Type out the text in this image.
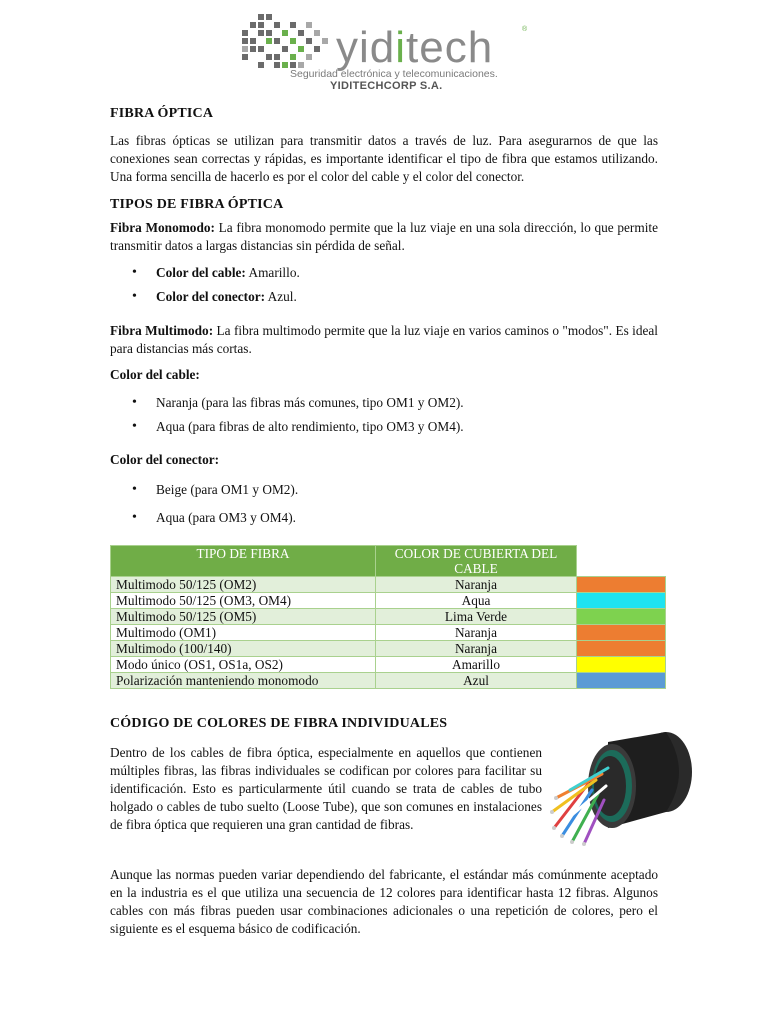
yiditech	®
Seguridad electrónica y telecomunicaciones.
YIDITECHCORP S.A.
FIBRA ÓPTICA

Las fibras ópticas se utilizan para transmitir datos a través de luz. Para asegurarnos de que las conexiones sean correctas y rápidas, es importante identificar el tipo de fibra que estamos utilizando. Una forma sencilla de hacerlo es por el color del cable y el color del conector.

TIPOS DE FIBRA ÓPTICA

Fibra Monomodo: La fibra monomodo permite que la luz viaje en una sola dirección, lo que permite transmitir datos a largas distancias sin pérdida de señal.

• Color del cable: Amarillo.
• Color del conector: Azul.

Fibra Multimodo: La fibra multimodo permite que la luz viaje en varios caminos o "modos". Es ideal para distancias más cortas.

Color del cable:

• Naranja (para las fibras más comunes, tipo OM1 y OM2).
• Aqua (para fibras de alto rendimiento, tipo OM3 y OM4).

Color del conector:

• Beige (para OM1 y OM2).
• Aqua (para OM3 y OM4).
TIPO DE FIBRA	COLOR DE CUBIERTA DEL CABLE	
Multimodo 50/125 (OM2)	Naranja	
Multimodo 50/125 (OM3, OM4)	Aqua	
Multimodo 50/125 (OM5)	Lima Verde	
Multimodo (OM1)	Naranja	
Multimodo (100/140)	Naranja	
Modo único (OS1, OS1a, OS2)	Amarillo	
Polarización manteniendo monomodo	Azul	
CÓDIGO DE COLORES DE FIBRA INDIVIDUALES

Dentro de los cables de fibra óptica, especialmente en aquellos que contienen múltiples fibras, las fibras individuales se codifican por colores para facilitar su identificación. Esto es particularmente útil cuando se trata de cables de tubo holgado o cables de tubo suelto (Loose Tube), que son comunes en instalaciones de fibra óptica que requieren una gran cantidad de fibras.

Aunque las normas pueden variar dependiendo del fabricante, el estándar más comúnmente aceptado en la industria es el que utiliza una secuencia de 12 colores para identificar hasta 12 fibras. Algunos cables con más fibras pueden usar combinaciones adicionales o una repetición de colores, pero el siguiente es el esquema básico de codificación.
